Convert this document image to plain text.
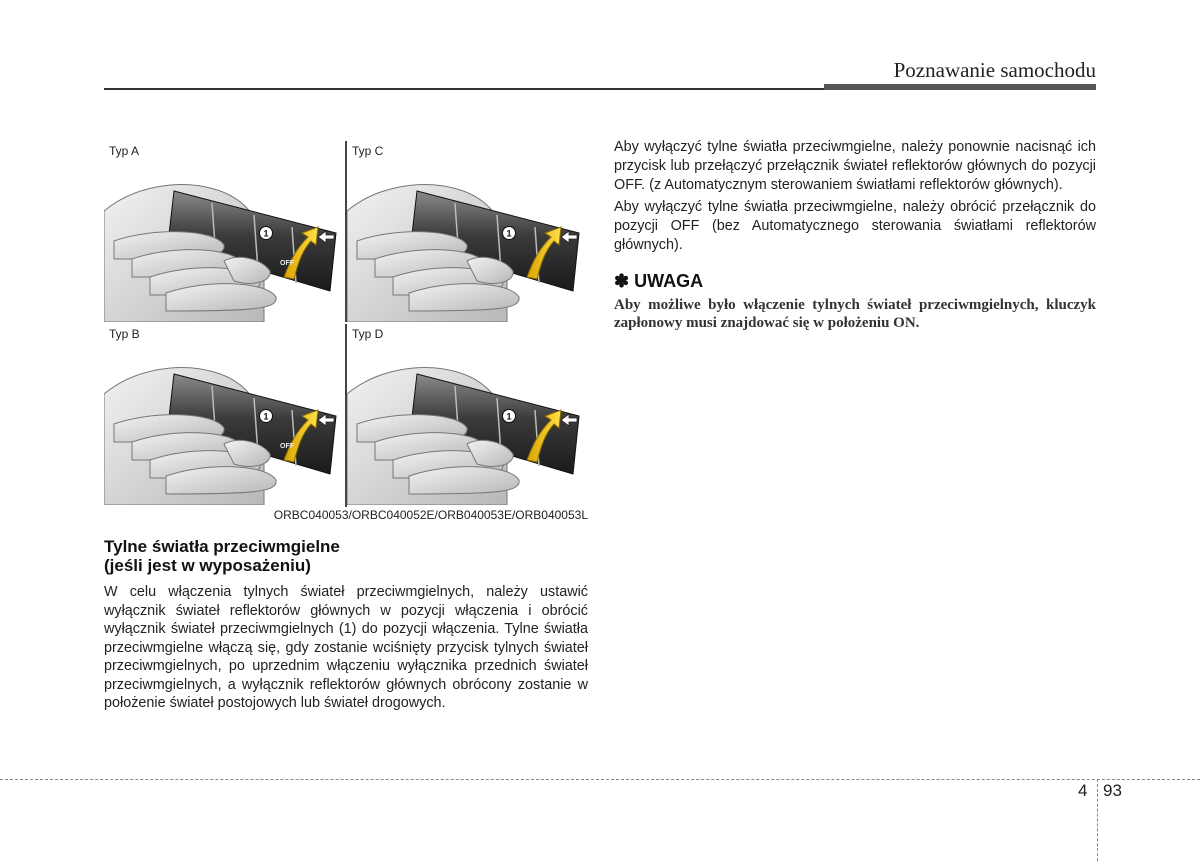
Poznawanie samochodu
Typ A
1
OFF
Typ C
1
Typ B
1
OFF
Typ D
1
ORBC040053/ORBC040052E/ORB040053E/ORB040053L
Tylne światła przeciwmgielne
(jeśli jest w wyposażeniu)
W celu włączenia tylnych świateł przeciwmgielnych, należy ustawić wyłącznik świateł reflektorów głównych w pozycji włączenia i obrócić wyłącznik świateł przeciwmgielnych (1) do pozycji włączenia. Tylne światła przeciwmgielne włączą się, gdy zostanie wciśnięty przycisk tylnych świateł przeciwmgielnych, po uprzednim włączeniu wyłącznika przednich świateł przeciwmgielnych, a wyłącznik reflektorów głównych obrócony zostanie w położenie świateł postojowych lub świateł drogowych.

Aby wyłączyć tylne światła przeciwmgielne, należy ponownie nacisnąć ich przycisk lub przełączyć przełącznik świateł reflektorów głównych do pozycji OFF. (z Automatycznym sterowaniem światłami reflektorów głównych).

Aby wyłączyć tylne światła przeciwmgielne, należy obrócić przełącznik do pozycji OFF (bez Automatycznego sterowania światłami reflektorów głównych).

✽ UWAGA
Aby możliwe było włączenie tylnych świateł przeciwmgielnych, kluczyk zapłonowy musi znajdować się w położeniu ON.
4 93
